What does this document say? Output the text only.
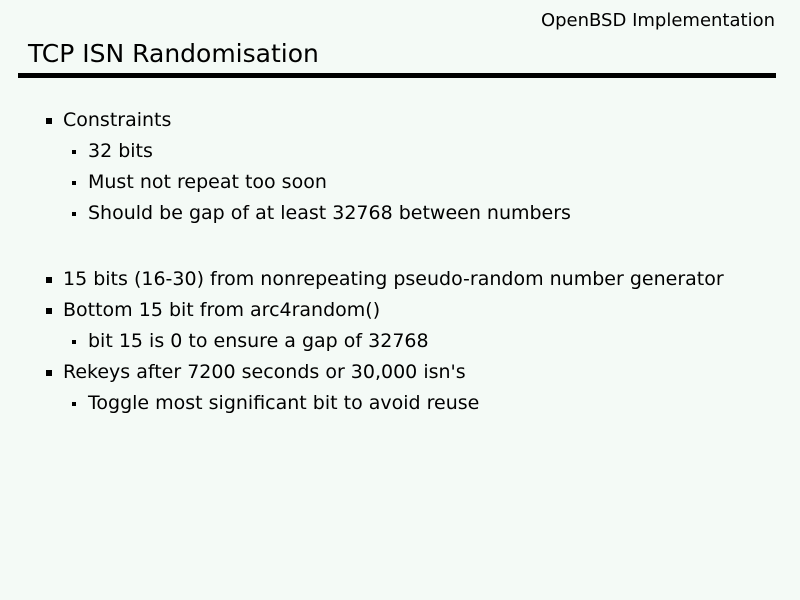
OpenBSD Implementation
TCP ISN Randomisation
Constraints
32 bits
Must not repeat too soon
Should be gap of at least 32768 between numbers
15 bits (16-30) from nonrepeating pseudo-random number generator
Bottom 15 bit from arc4random()
bit 15 is 0 to ensure a gap of 32768
Rekeys after 7200 seconds or 30,000 isn's
Toggle most significant bit to avoid reuse
